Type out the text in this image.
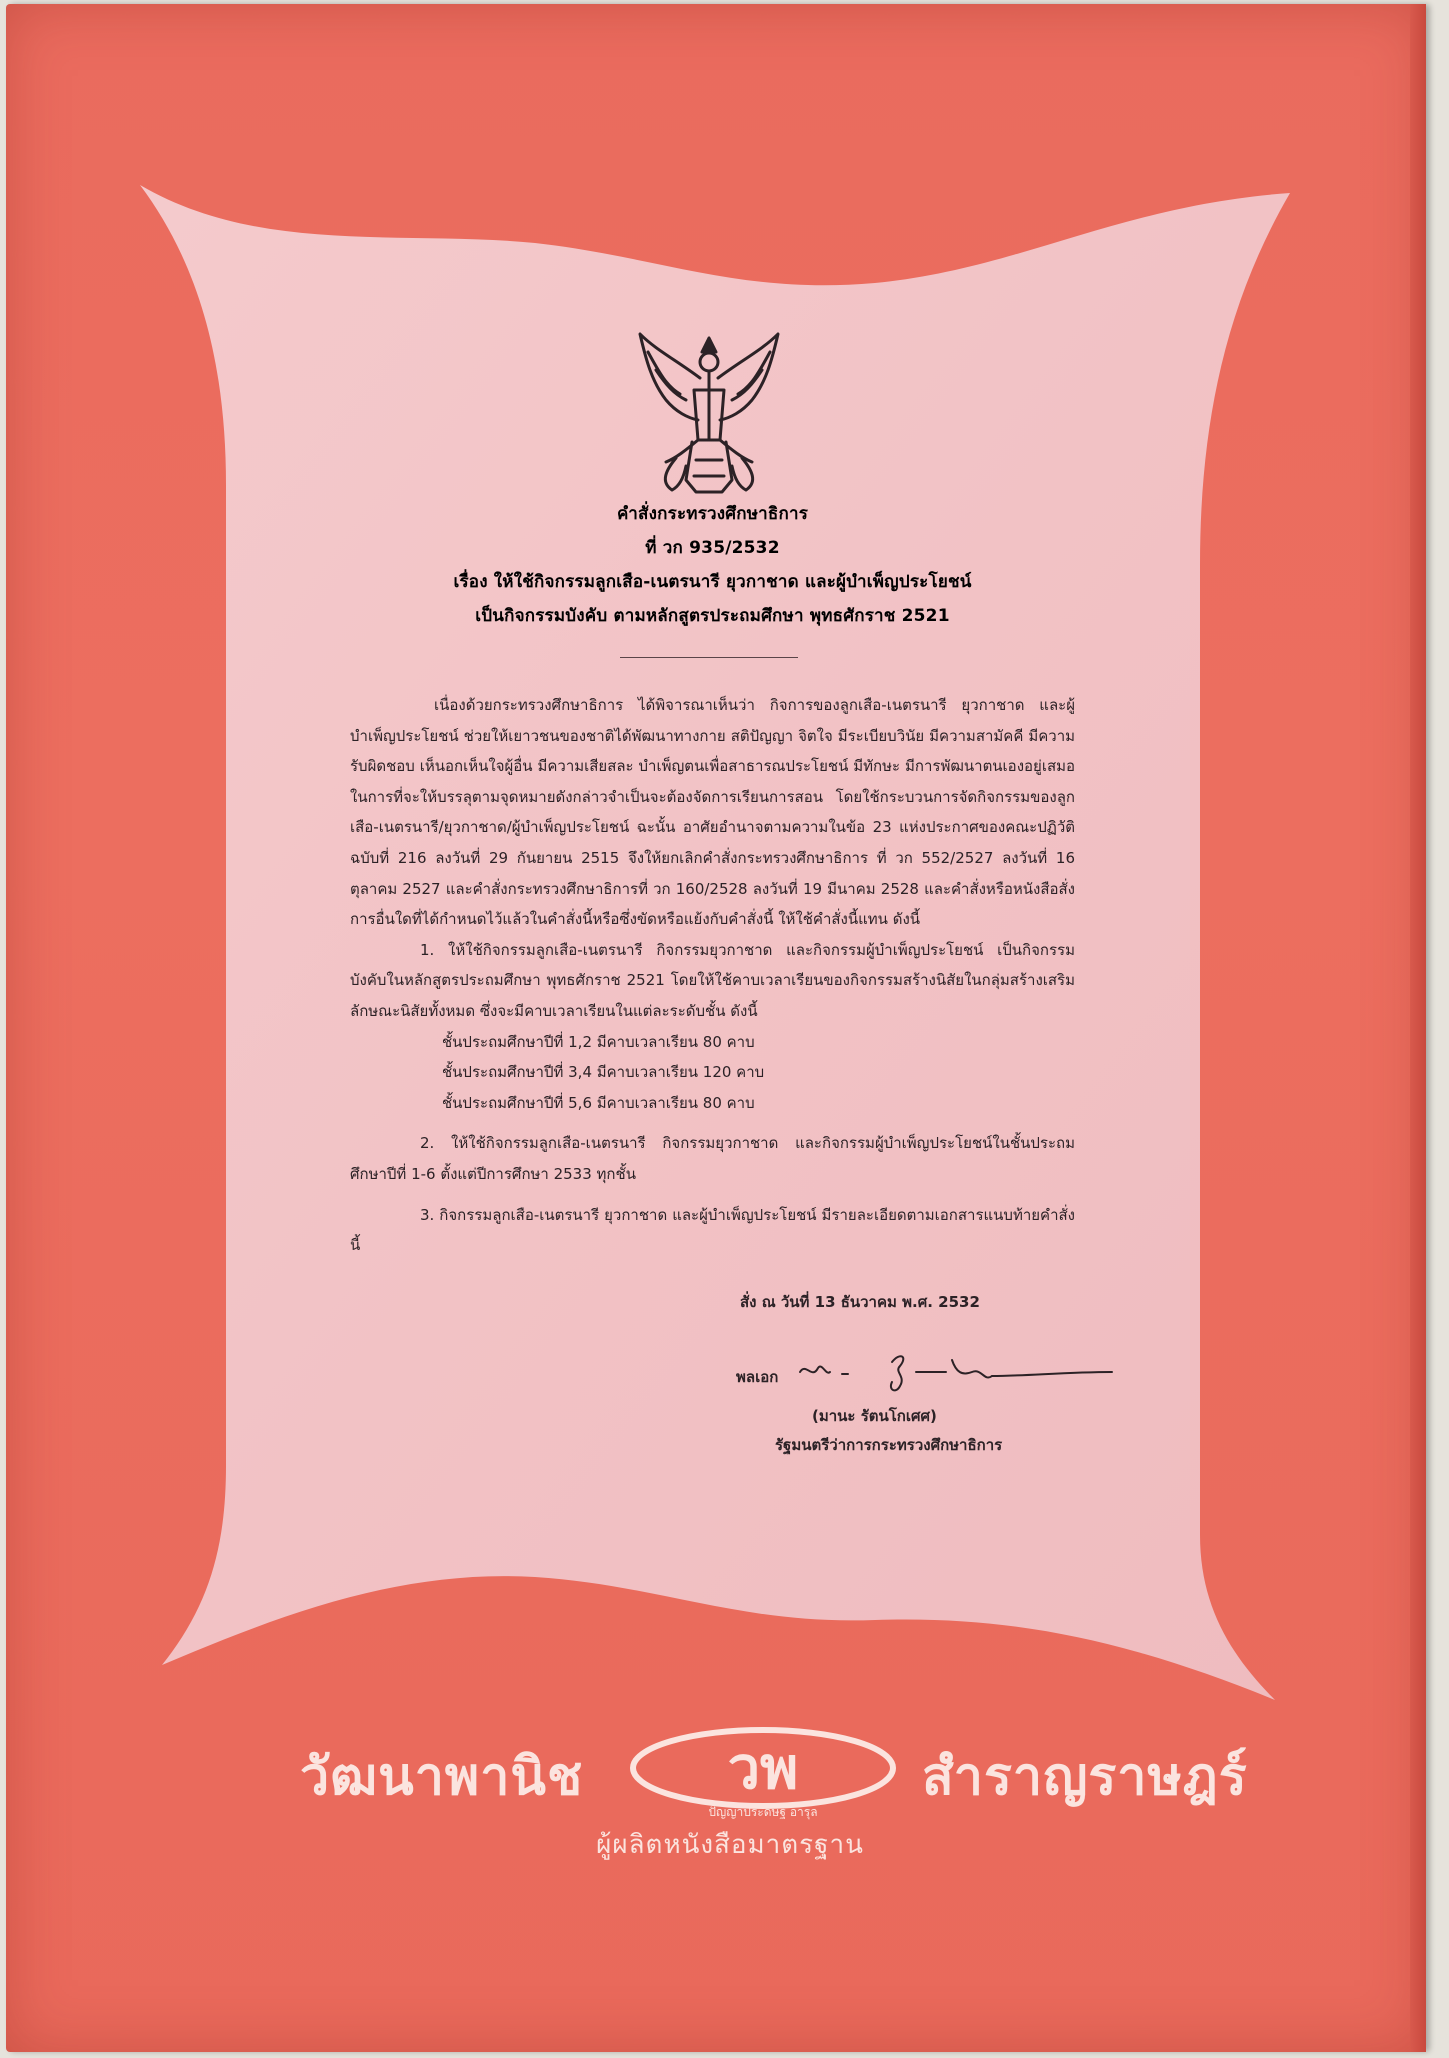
คำสั่งกระทรวงศึกษาธิการ
ที่ วก 935/2532
เรื่อง ให้ใช้กิจกรรมลูกเสือ-เนตรนารี ยุวกาชาด และผู้บำเพ็ญประโยชน์
เป็นกิจกรรมบังคับ ตามหลักสูตรประถมศึกษา พุทธศักราช 2521

เนื่องด้วยกระทรวงศึกษาธิการ ได้พิจารณาเห็นว่า กิจการของลูกเสือ-เนตรนารี ยุวกาชาด และผู้บำเพ็ญประโยชน์ ช่วยให้เยาวชนของชาติได้พัฒนาทางกาย สติปัญญา จิตใจ มีระเบียบวินัย มีความสามัคคี มีความรับผิดชอบ เห็นอกเห็นใจผู้อื่น มีความเสียสละ บำเพ็ญตนเพื่อสาธารณประโยชน์ มีทักษะ มีการพัฒนาตนเองอยู่เสมอ ในการที่จะให้บรรลุตามจุดหมายดังกล่าวจำเป็นจะต้องจัดการเรียนการสอน โดยใช้กระบวนการจัดกิจกรรมของลูกเสือ-เนตรนารี/ยุวกาชาด/ผู้บำเพ็ญประโยชน์ ฉะนั้น อาศัยอำนาจตามความในข้อ 23 แห่งประกาศของคณะปฏิวัติ ฉบับที่ 216 ลงวันที่ 29 กันยายน 2515 จึงให้ยกเลิกคำสั่งกระทรวงศึกษาธิการ ที่ วก 552/2527 ลงวันที่ 16 ตุลาคม 2527 และคำสั่งกระทรวงศึกษาธิการที่ วก 160/2528 ลงวันที่ 19 มีนาคม 2528 และคำสั่งหรือหนังสือสั่งการอื่นใดที่ได้กำหนดไว้แล้วในคำสั่งนี้หรือซึ่งขัดหรือแย้งกับคำสั่งนี้ ให้ใช้คำสั่งนี้แทน ดังนี้

1. ให้ใช้กิจกรรมลูกเสือ-เนตรนารี กิจกรรมยุวกาชาด และกิจกรรมผู้บำเพ็ญประโยชน์ เป็นกิจกรรมบังคับในหลักสูตรประถมศึกษา พุทธศักราช 2521 โดยให้ใช้คาบเวลาเรียนของกิจกรรมสร้างนิสัยในกลุ่มสร้างเสริมลักษณะนิสัยทั้งหมด ซึ่งจะมีคาบเวลาเรียนในแต่ละระดับชั้น ดังนี้

ชั้นประถมศึกษาปีที่ 1,2 มีคาบเวลาเรียน 80 คาบ

ชั้นประถมศึกษาปีที่ 3,4 มีคาบเวลาเรียน 120 คาบ

ชั้นประถมศึกษาปีที่ 5,6 มีคาบเวลาเรียน 80 คาบ

2. ให้ใช้กิจกรรมลูกเสือ-เนตรนารี กิจกรรมยุวกาชาด และกิจกรรมผู้บำเพ็ญประโยชน์ในชั้นประถมศึกษาปีที่ 1-6 ตั้งแต่ปีการศึกษา 2533 ทุกชั้น

3. กิจกรรมลูกเสือ-เนตรนารี ยุวกาชาด และผู้บำเพ็ญประโยชน์ มีรายละเอียดตามเอกสารแนบท้ายคำสั่งนี้

สั่ง ณ วันที่ 13 ธันวาคม พ.ศ. 2532
พลเอก
(มานะ รัตนโกเศศ)
รัฐมนตรีว่าการกระทรวงศึกษาธิการ
วัฒนาพานิช วพ
ปัญญาประดิษฐ์ อารุล
สำราญราษฎร์
ผู้ผลิตหนังสือมาตรฐาน
